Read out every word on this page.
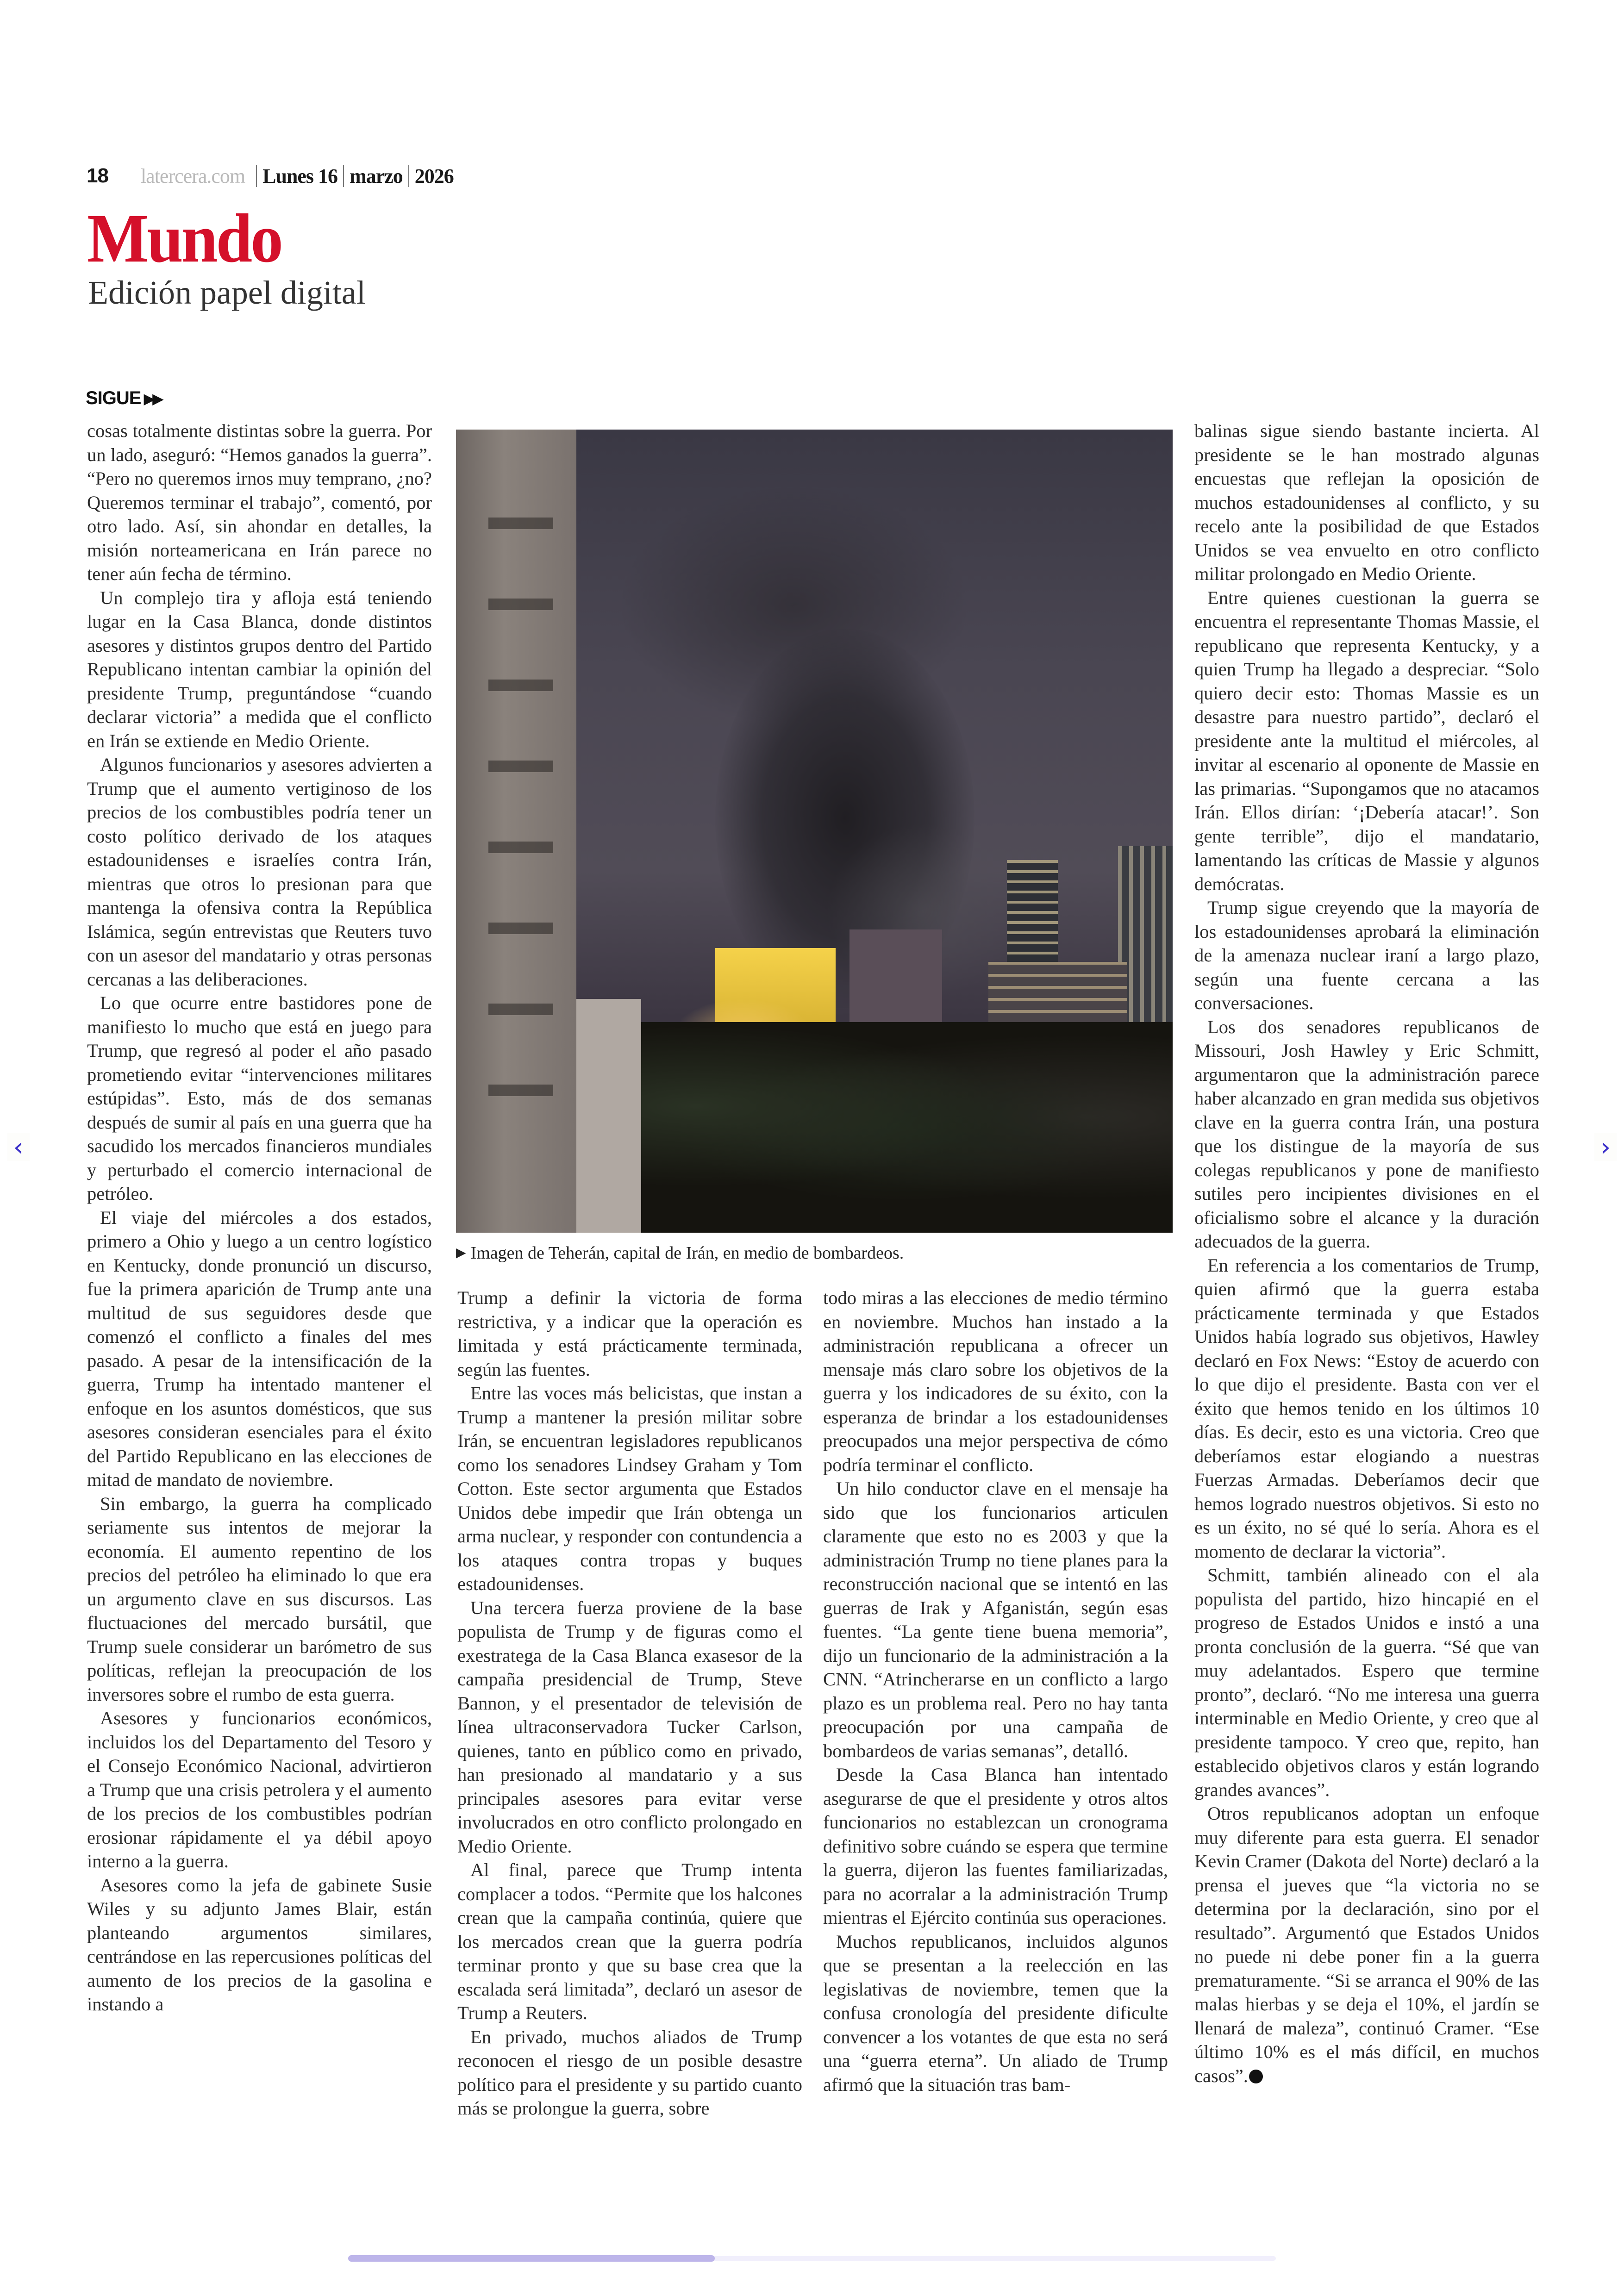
18 latercera.com Lunes 16 marzo 2026
Mundo
Edición papel digital
SIGUE ▶▶

cosas totalmente distintas sobre la guerra. Por un lado, aseguró: “Hemos ganados la guerra”. “Pero no queremos irnos muy temprano, ¿no? Queremos terminar el trabajo”, comentó, por otro lado. Así, sin ahondar en detalles, la misión norteamericana en Irán parece no tener aún fecha de término.

Un complejo tira y afloja está teniendo lugar en la Casa Blanca, donde distintos asesores y distintos grupos dentro del Partido Republicano intentan cambiar la opinión del presidente Trump, preguntándose “cuando declarar victoria” a medida que el conflicto en Irán se extiende en Medio Oriente.

Algunos funcionarios y asesores advierten a Trump que el aumento vertiginoso de los precios de los combustibles podría tener un costo político derivado de los ataques estadounidenses e israelíes contra Irán, mientras que otros lo presionan para que mantenga la ofensiva contra la República Islámica, según entrevistas que Reuters tuvo con un asesor del mandatario y otras personas cercanas a las deliberaciones.

Lo que ocurre entre bastidores pone de manifiesto lo mucho que está en juego para Trump, que regresó al poder el año pasado prometiendo evitar “intervenciones militares estúpidas”. Esto, más de dos semanas después de sumir al país en una guerra que ha sacudido los mercados financieros mundiales y perturbado el comercio internacional de petróleo.

El viaje del miércoles a dos estados, primero a Ohio y luego a un centro logístico en Kentucky, donde pronunció un discurso, fue la primera aparición de Trump ante una multitud de sus seguidores desde que comenzó el conflicto a finales del mes pasado. A pesar de la intensificación de la guerra, Trump ha intentado mantener el enfoque en los asuntos domésticos, que sus asesores consideran esenciales para el éxito del Partido Republicano en las elecciones de mitad de mandato de noviembre.

Sin embargo, la guerra ha complicado seriamente sus intentos de mejorar la economía. El aumento repentino de los precios del petróleo ha eliminado lo que era un argumento clave en sus discursos. Las fluctuaciones del mercado bursátil, que Trump suele considerar un barómetro de sus políticas, reflejan la preocupación de los inversores sobre el rumbo de esta guerra.

Asesores y funcionarios económicos, incluidos los del Departamento del Tesoro y el Consejo Económico Nacional, advirtieron a Trump que una crisis petrolera y el aumento de los precios de los combustibles podrían erosionar rápidamente el ya débil apoyo interno a la guerra.

Asesores como la jefa de gabinete Susie Wiles y su adjunto James Blair, están planteando argumentos similares, centrándose en las repercusiones políticas del aumento de los precios de la gasolina e instando a

▶ Imagen de Teherán, capital de Irán, en medio de bombardeos.

Trump a definir la victoria de forma restrictiva, y a indicar que la operación es limitada y está prácticamente terminada, según las fuentes.

Entre las voces más belicistas, que instan a Trump a mantener la presión militar sobre Irán, se encuentran legisladores republicanos como los senadores Lindsey Graham y Tom Cotton. Este sector argumenta que Estados Unidos debe impedir que Irán obtenga un arma nuclear, y responder con contundencia a los ataques contra tropas y buques estadounidenses.

Una tercera fuerza proviene de la base populista de Trump y de figuras como el exestratega de la Casa Blanca exasesor de la campaña presidencial de Trump, Steve Bannon, y el presentador de televisión de línea ultraconservadora Tucker Carlson, quienes, tanto en público como en privado, han presionado al mandatario y a sus principales asesores para evitar verse involucrados en otro conflicto prolongado en Medio Oriente.

Al final, parece que Trump intenta complacer a todos. “Permite que los halcones crean que la campaña continúa, quiere que los mercados crean que la guerra podría terminar pronto y que su base crea que la escalada será limitada”, declaró un asesor de Trump a Reuters.

En privado, muchos aliados de Trump reconocen el riesgo de un posible desastre político para el presidente y su partido cuanto más se prolongue la guerra, sobre

todo miras a las elecciones de medio término en noviembre. Muchos han instado a la administración republicana a ofrecer un mensaje más claro sobre los objetivos de la guerra y los indicadores de su éxito, con la esperanza de brindar a los estadounidenses preocupados una mejor perspectiva de cómo podría terminar el conflicto.

Un hilo conductor clave en el mensaje ha sido que los funcionarios articulen claramente que esto no es 2003 y que la administración Trump no tiene planes para la reconstrucción nacional que se intentó en las guerras de Irak y Afganistán, según esas fuentes. “La gente tiene buena memoria”, dijo un funcionario de la administración a la CNN. “Atrincherarse en un conflicto a largo plazo es un problema real. Pero no hay tanta preocupación por una campaña de bombardeos de varias semanas”, detalló.

Desde la Casa Blanca han intentado asegurarse de que el presidente y otros altos funcionarios no establezcan un cronograma definitivo sobre cuándo se espera que termine la guerra, dijeron las fuentes familiarizadas, para no acorralar a la administración Trump mientras el Ejército continúa sus operaciones.

Muchos republicanos, incluidos algunos que se presentan a la reelección en las legislativas de noviembre, temen que la confusa cronología del presidente dificulte convencer a los votantes de que esta no será una “guerra eterna”. Un aliado de Trump afirmó que la situación tras bam-

balinas sigue siendo bastante incierta. Al presidente se le han mostrado algunas encuestas que reflejan la oposición de muchos estadounidenses al conflicto, y su recelo ante la posibilidad de que Estados Unidos se vea envuelto en otro conflicto militar prolongado en Medio Oriente.

Entre quienes cuestionan la guerra se encuentra el representante Thomas Massie, el republicano que representa Kentucky, y a quien Trump ha llegado a despreciar. “Solo quiero decir esto: Thomas Massie es un desastre para nuestro partido”, declaró el presidente ante la multitud el miércoles, al invitar al escenario al oponente de Massie en las primarias. “Supongamos que no atacamos Irán. Ellos dirían: ‘¡Debería atacar!’. Son gente terrible”, dijo el mandatario, lamentando las críticas de Massie y algunos demócratas.

Trump sigue creyendo que la mayoría de los estadounidenses aprobará la eliminación de la amenaza nuclear iraní a largo plazo, según una fuente cercana a las conversaciones.

Los dos senadores republicanos de Missouri, Josh Hawley y Eric Schmitt, argumentaron que la administración parece haber alcanzado en gran medida sus objetivos clave en la guerra contra Irán, una postura que los distingue de la mayoría de sus colegas republicanos y pone de manifiesto sutiles pero incipientes divisiones en el oficialismo sobre el alcance y la duración adecuados de la guerra.

En referencia a los comentarios de Trump, quien afirmó que la guerra estaba prácticamente terminada y que Estados Unidos había logrado sus objetivos, Hawley declaró en Fox News: “Estoy de acuerdo con lo que dijo el presidente. Basta con ver el éxito que hemos tenido en los últimos 10 días. Es decir, esto es una victoria. Creo que deberíamos estar elogiando a nuestras Fuerzas Armadas. Deberíamos decir que hemos logrado nuestros objetivos. Si esto no es un éxito, no sé qué lo sería. Ahora es el momento de declarar la victoria”.

Schmitt, también alineado con el ala populista del partido, hizo hincapié en el progreso de Estados Unidos e instó a una pronta conclusión de la guerra. “Sé que van muy adelantados. Espero que termine pronto”, declaró. “No me interesa una guerra interminable en Medio Oriente, y creo que al presidente tampoco. Y creo que, repito, han establecido objetivos claros y están logrando grandes avances”.

Otros republicanos adoptan un enfoque muy diferente para esta guerra. El senador Kevin Cramer (Dakota del Norte) declaró a la prensa el jueves que “la victoria no se determina por la declaración, sino por el resultado”. Argumentó que Estados Unidos no puede ni debe poner fin a la guerra prematuramente. “Si se arranca el 90% de las malas hierbas y se deja el 10%, el jardín se llenará de maleza”, continuó Cramer. “Ese último 10% es el más difícil, en muchos casos”.

‹	›
